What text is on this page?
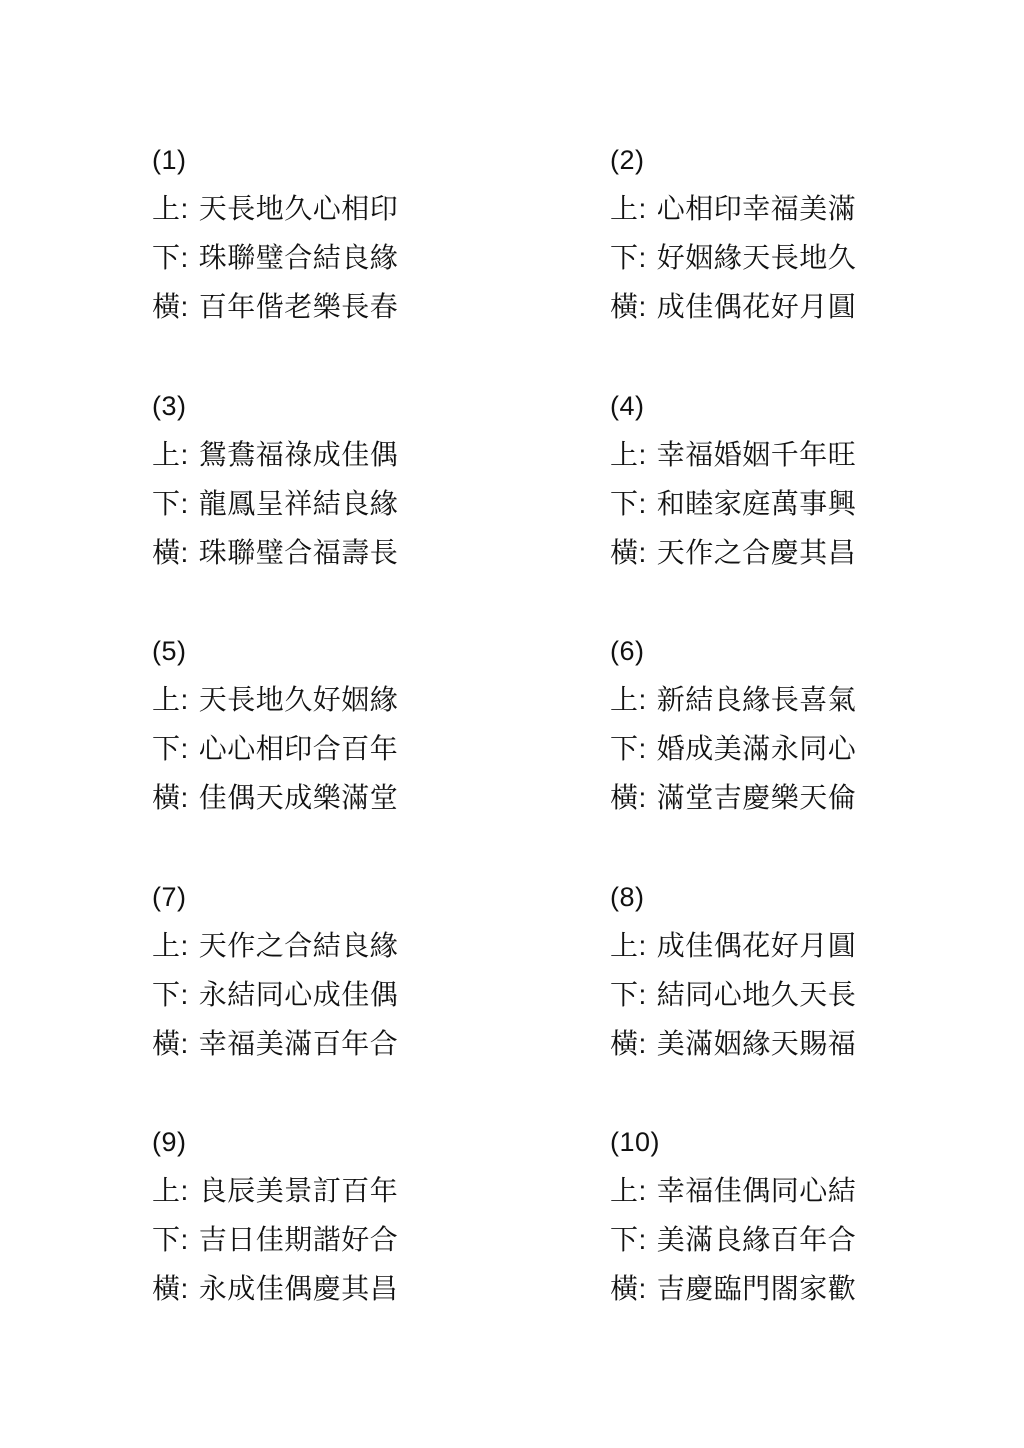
(1)
上: 天長地久心相印
下: 珠聯璧合結良緣
橫: 百年偕老樂長春
(2)
上: 心相印幸福美滿
下: 好姻緣天長地久
橫: 成佳偶花好月圓
(3)
上: 鴛鴦福祿成佳偶
下: 龍鳳呈祥結良緣
橫: 珠聯璧合福壽長
(4)
上: 幸福婚姻千年旺
下: 和睦家庭萬事興
橫: 天作之合慶其昌
(5)
上: 天長地久好姻緣
下: 心心相印合百年
橫: 佳偶天成樂滿堂
(6)
上: 新結良緣長喜氣
下: 婚成美滿永同心
橫: 滿堂吉慶樂天倫
(7)
上: 天作之合結良緣
下: 永結同心成佳偶
橫: 幸福美滿百年合
(8)
上: 成佳偶花好月圓
下: 結同心地久天長
橫: 美滿姻緣天賜福
(9)
上: 良辰美景訂百年
下: 吉日佳期諧好合
橫: 永成佳偶慶其昌
(10)
上: 幸福佳偶同心結
下: 美滿良緣百年合
橫: 吉慶臨門閤家歡
